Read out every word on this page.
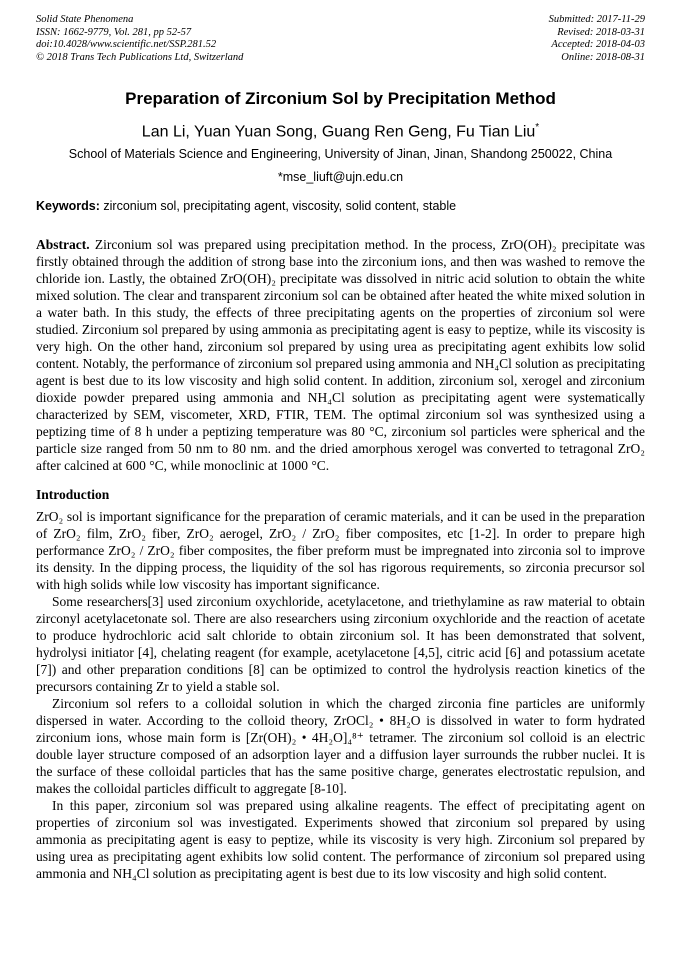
Solid State Phenomena
ISSN: 1662-9779, Vol. 281, pp 52-57
doi:10.4028/www.scientific.net/SSP.281.52
© 2018 Trans Tech Publications Ltd, Switzerland
Submitted: 2017-11-29
Revised: 2018-03-31
Accepted: 2018-04-03
Online: 2018-08-31
Preparation of Zirconium Sol by Precipitation Method
Lan Li, Yuan Yuan Song, Guang Ren Geng, Fu Tian Liu*
School of Materials Science and Engineering, University of Jinan, Jinan, Shandong 250022, China
*mse_liuft@ujn.edu.cn

Keywords: zirconium sol, precipitating agent, viscosity, solid content, stable

Abstract. Zirconium sol was prepared using precipitation method. In the process, ZrO(OH)₂ precipitate was firstly obtained through the addition of strong base into the zirconium ions, and then was washed to remove the chloride ion. Lastly, the obtained ZrO(OH)₂ precipitate was dissolved in nitric acid solution to obtain the white mixed solution. The clear and transparent zirconium sol can be obtained after heated the white mixed solution in a water bath. In this study, the effects of three precipitating agents on the properties of zirconium sol were studied. Zirconium sol prepared by using ammonia as precipitating agent is easy to peptize, while its viscosity is very high. On the other hand, zirconium sol prepared by using urea as precipitating agent exhibits low solid content. Notably, the performance of zirconium sol prepared using ammonia and NH₄Cl solution as precipitating agent is best due to its low viscosity and high solid content. In addition, zirconium sol, xerogel and zirconium dioxide powder prepared using ammonia and NH₄Cl solution as precipitating agent were systematically characterized by SEM, viscometer, XRD, FTIR, TEM. The optimal zirconium sol was synthesized using a peptizing time of 8 h under a peptizing temperature was 80 °C, zirconium sol particles were spherical and the particle size ranged from 50 nm to 80 nm. and the dried amorphous xerogel was converted to tetragonal ZrO₂ after calcined at 600 °C, while monoclinic at 1000 °C.

Introduction

ZrO₂ sol is important significance for the preparation of ceramic materials, and it can be used in the preparation of ZrO₂ film, ZrO₂ fiber, ZrO₂ aerogel, ZrO₂ / ZrO₂ fiber composites, etc [1-2]. In order to prepare high performance ZrO₂ / ZrO₂ fiber composites, the fiber preform must be impregnated into zirconia sol to improve its density. In the dipping process, the liquidity of the sol has rigorous requirements, so zirconia precursor sol with high solids while low viscosity has important significance.

Some researchers[3] used zirconium oxychloride, acetylacetone, and triethylamine as raw material to obtain zirconyl acetylacetonate sol. There are also researchers using zirconium oxychloride and the reaction of acetate to produce hydrochloric acid salt chloride to obtain zirconium sol. It has been demonstrated that solvent, hydrolysi initiator [4], chelating reagent (for example, acetylacetone [4,5], citric acid [6] and potassium acetate [7]) and other preparation conditions [8] can be optimized to control the hydrolysis reaction kinetics of the precursors containing Zr to yield a stable sol.

Zirconium sol refers to a colloidal solution in which the charged zirconia fine particles are uniformly dispersed in water. According to the colloid theory, ZrOCl₂ • 8H₂O is dissolved in water to form hydrated zirconium ions, whose main form is [Zr(OH)₂ • 4H₂O]₄⁸⁺ tetramer. The zirconium sol colloid is an electric double layer structure composed of an adsorption layer and a diffusion layer surrounds the rubber nuclei. It is the surface of these colloidal particles that has the same positive charge, generates electrostatic repulsion, and makes the colloidal particles difficult to aggregate [8-10].

In this paper, zirconium sol was prepared using alkaline reagents. The effect of precipitating agent on properties of zirconium sol was investigated. Experiments showed that zirconium sol prepared by using ammonia as precipitating agent is easy to peptize, while its viscosity is very high. Zirconium sol prepared by using urea as precipitating agent exhibits low solid content. The performance of zirconium sol prepared using ammonia and NH₄Cl solution as precipitating agent is best due to its low viscosity and high solid content.
